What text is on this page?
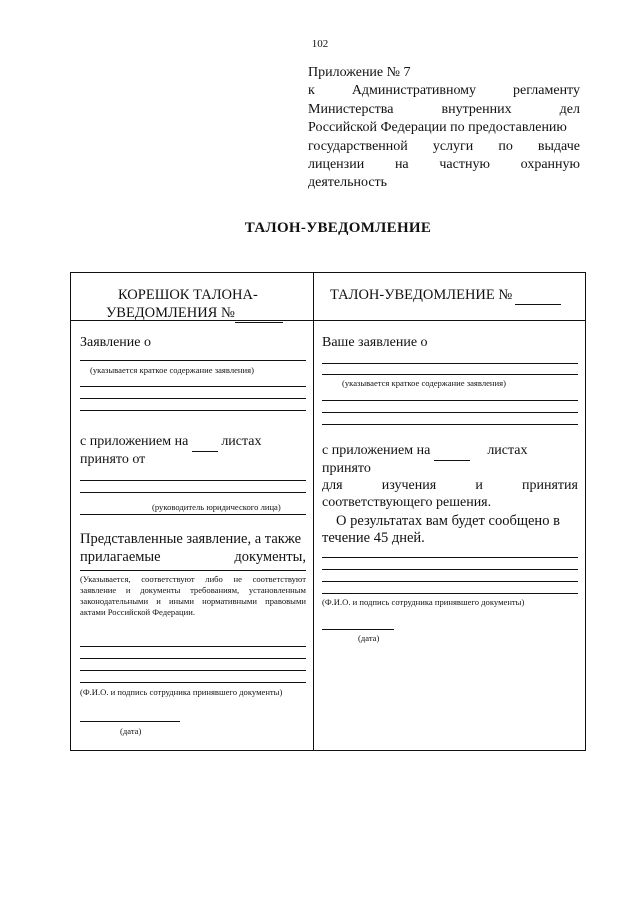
102
Приложение № 7
к	Административному	регламенту
Министерства	внутренних	дел
Российской Федерации по предоставлению
государственной услуги по выдаче
лицензии на частную охранную
деятельность
ТАЛОН-УВЕДОМЛЕНИЕ
КОРЕШОК ТАЛОНА-
УВЕДОМЛЕНИЯ №
Заявление о
(указывается краткое содержание заявления)
с приложением на листах
принято от
(руководитель юридического лица)
Представленные заявление, а также
прилагаемые	документы,
(Указывается, соответствуют либо не соответствуют заявление и документы требованиям, установленным законодательными и иными нормативными правовыми актами Российской Федерации.
(Ф.И.О. и подпись сотрудника принявшего документы)
(дата)
ТАЛОН-УВЕДОМЛЕНИЕ №
Ваше заявление о
(указывается краткое содержание заявления)
с приложением на	листах
принято
для	изучения	и	принятия
соответствующего решения.
О результатах вам будет сообщено в
течение 45 дней.
(Ф.И.О. и подпись сотрудника принявшего документы)
(дата)
